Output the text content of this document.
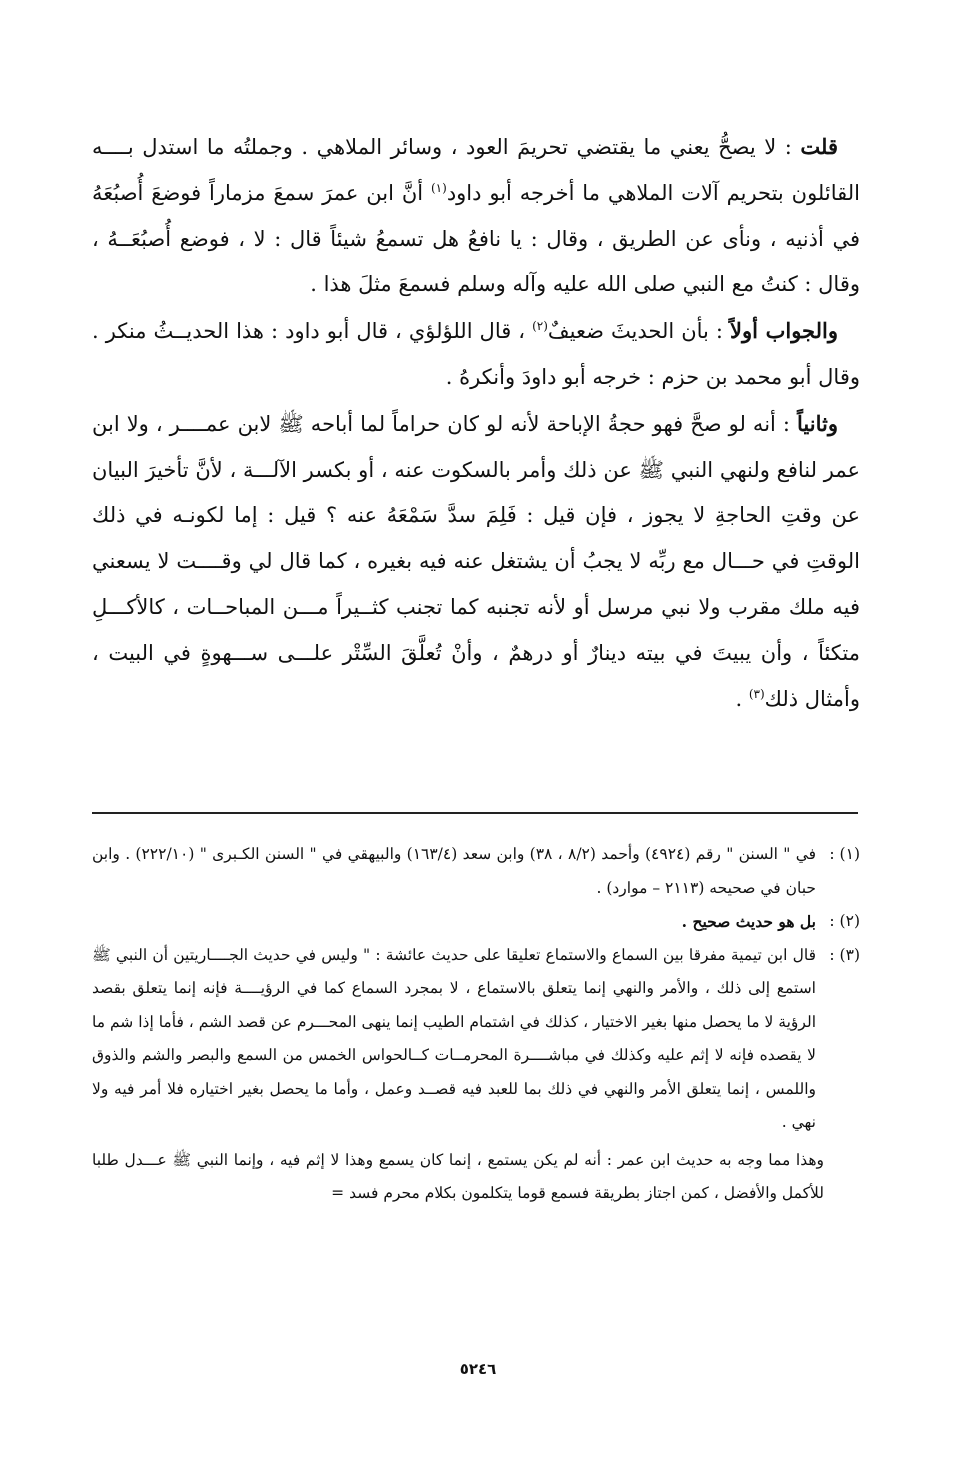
قلت : لا يصحُّ يعني ما يقتضي تحريمَ العود ، وسائر الملاهي . وجملتُه ما استدل بــــه القائلون بتحريم آلات الملاهي ما أخرجه أبو داود$^{(١)}$ أنَّ ابن عمرَ سمعَ مزماراً فوضعَ أُصبُعَهُ في أذنيه ، ونأى عن الطريق ، وقال : يا نافعُ هل تسمعُ شيئاً قال : لا ، فوضع أُصبُعَــهُ ، وقال : كنتُ مع النبي صلى الله عليه وآله وسلم فسمعَ مثلَ هذا .

والجواب أولاً : بأن الحديثَ ضعيفٌ$^{(٢)}$ ، قال اللؤلؤي ، قال أبو داود : هذا الحديــثُ منكر . وقال أبو محمد بن حزم : خرجه أبو داودَ وأنكرهُ .

وثانياً : أنه لو صحَّ فهو حجةُ الإباحة لأنه لو كان حراماً لما أباحه ﷺ لابن عمــــر ، ولا ابن عمر لنافع ولنهي النبي ﷺ عن ذلك وأمر بالسكوت عنه ، أو بكسر الآلـــة ، لأنَّ تأخيرَ البيان عن وقتِ الحاجةِ لا يجوز ، فإن قيل : فَلِمَ سدَّ سَمْعَهُ عنه ؟ قيل : إما لكونـه في ذلك الوقتِ في حـــال مع ربِّه لا يجبُ أن يشتغل عنه فيه بغيره ، كما قال لي وقــــت لا يسعني فيه ملك مقرب ولا نبي مرسل أو لأنه تجنبه كما تجنب كثــيراً مـــن المباحــات ، كالأكـــلِ متكئاً ، وأن يبيتَ في بيته دينارٌ أو درهمٌ ، وأنْ تُعلَّقَ السِّتْر علـــى ســـهوةٍ في البيت ، وأمثال ذلك$^{(٣)}$ .

(١) :
في " السنن " رقم (٤٩٢٤) وأحمد (٨/٢ ، ٣٨) وابن سعد (١٦٣/٤) والبيهقي في " السنن الكـبرى " (٢٢٢/١٠) . وابن حبان في صحيحه (٢١١٣ – موارد) .
(٢) :
بل هو حديث صحيح .
(٣) :
قال ابن تيمية مفرقا بين السماع والاستماع تعليقا على حديث عائشة : " وليس في حديث الجــــاريتين أن النبي ﷺ استمع إلى ذلك ، والأمر والنهي إنما يتعلق بالاستماع ، لا بمجرد السماع كما في الرؤيــــة فإنه إنما يتعلق بقصد الرؤية لا ما يحصل منها بغير الاختيار ، كذلك في اشتمام الطيب إنما ينهى المحـــرم عن قصد الشم ، فأما إذا شم ما لا يقصده فإنه لا إثم عليه وكذلك في مباشــــرة المحرمــات كــالحواس الخمس من السمع والبصر والشم والذوق واللمس ، إنما يتعلق الأمر والنهي في ذلك بما للعبد فيه قصــد وعمل ، وأما ما يحصل بغير اختياره فلا أمر فيه ولا نهي .

وهذا مما وجه به حديث ابن عمر : أنه لم يكن يستمع ، إنما كان يسمع وهذا لا إثم فيه ، وإنما النبي ﷺ عـــدل طلبا للأكمل والأفضل ، كمن اجتاز بطريقة فسمع قوما يتكلمون بكلام محرم فسد =

٥٢٤٦
